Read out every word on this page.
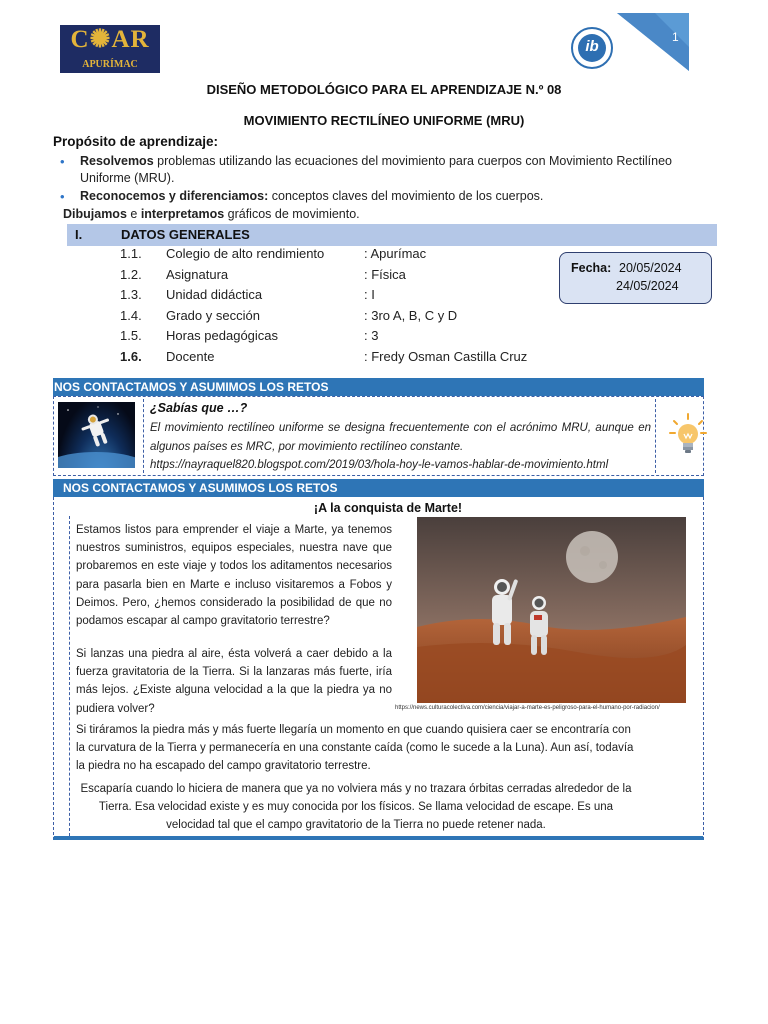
C✺AR
APURÍMAC
ib
1
DISEÑO METODOLÓGICO PARA EL APRENDIZAJE N.º 08
MOVIMIENTO RECTILÍNEO UNIFORME (MRU)
Propósito de aprendizaje:
• Resolvemos problemas utilizando las ecuaciones del movimiento para cuerpos con Movimiento Rectilíneo Uniforme (MRU).
• Reconocemos y diferenciamos: conceptos claves del movimiento de los cuerpos.
Dibujamos e interpretamos gráficos de movimiento.
I.	DATOS GENERALES
1.1. Colegio de alto rendimiento	: Apurímac
1.2. Asignatura	: Física
1.3. Unidad didáctica	: I
1.4. Grado y sección	: 3ro A, B, C y D
1.5. Horas pedagógicas	: 3
1.6. Docente	: Fredy Osman Castilla Cruz
Fecha: 20/05/2024
24/05/2024
NOS CONTACTAMOS Y ASUMIMOS LOS RETOS
¿Sabías que …?
El movimiento rectilíneo uniforme se designa frecuentemente con el acrónimo MRU, aunque en algunos países es MRC, por movimiento rectilíneo constante.
https://nayraquel820.blogspot.com/2019/03/hola-hoy-le-vamos-hablar-de-movimiento.html
NOS CONTACTAMOS Y ASUMIMOS LOS RETOS
¡A la conquista de Marte!
Estamos listos para emprender el viaje a Marte, ya tenemos nuestros suministros, equipos especiales, nuestra nave que probaremos en este viaje y todos los aditamentos necesarios para pasarla bien en Marte e incluso visitaremos a Fobos y Deimos. Pero, ¿hemos considerado la posibilidad de que no podamos escapar al campo gravitatorio terrestre?
Si lanzas una piedra al aire, ésta volverá a caer debido a la fuerza gravitatoria de la Tierra. Si la lanzaras más fuerte, iría más lejos. ¿Existe alguna velocidad a la que la piedra ya no pudiera volver?	https://news.culturacolectiva.com/ciencia/viajar-a-marte-es-peligroso-para-el-humano-por-radiacion/
Si tiráramos la piedra más y más fuerte llegaría un momento en que cuando quisiera caer se encontraría con la curvatura de la Tierra y permanecería en una constante caída (como le sucede a la Luna). Aun así, todavía la piedra no ha escapado del campo gravitatorio terrestre.
Escaparía cuando lo hiciera de manera que ya no volviera más y no trazara órbitas cerradas alrededor de la Tierra. Esa velocidad existe y es muy conocida por los físicos. Se llama velocidad de escape. Es una velocidad tal que el campo gravitatorio de la Tierra no puede retener nada.
